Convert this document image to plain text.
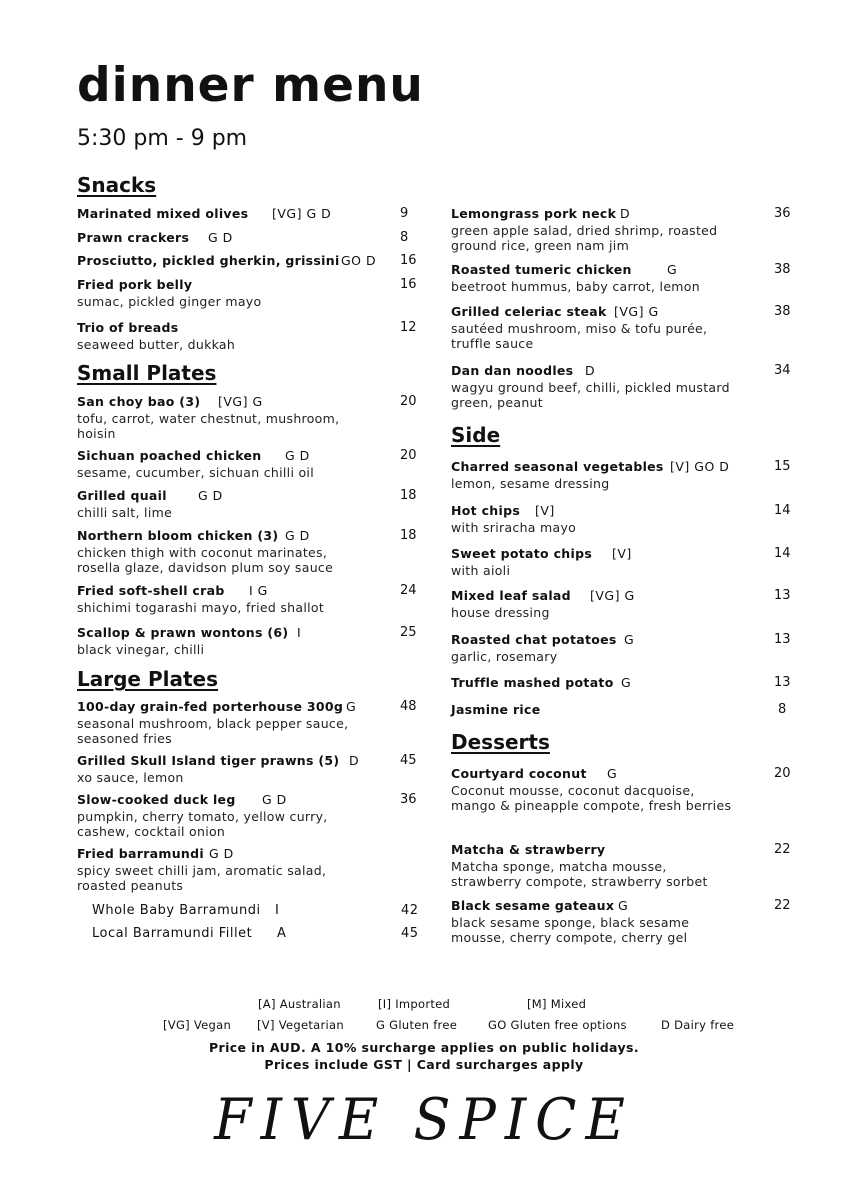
dinner menu
5:30 pm - 9 pm
Snacks
Small Plates
Large Plates
Side
Desserts
Marinated mixed olives	[VG] G D	9
Prawn crackers	G D	8
Prosciutto, pickled gherkin, grissini GO D 16
Fried pork belly	16
sumac, pickled ginger mayo
Trio of breads	12
seaweed butter, dukkah
San choy bao (3)	[VG] G	20
tofu, carrot, water chestnut, mushroom, hoisin
Sichuan poached chicken	G D	20
sesame, cucumber, sichuan chilli oil
Grilled quail	G D	18
chilli salt, lime
Northern bloom chicken (3) G D	18
chicken thigh with coconut marinates, rosella glaze, davidson plum soy sauce
Fried soft-shell crab	I G	24
shichimi togarashi mayo, fried shallot
Scallop & prawn wontons (6) I	25
black vinegar, chilli
100-day grain-fed porterhouse 300g G	48
seasonal mushroom, black pepper sauce, seasoned fries
Grilled Skull Island tiger prawns (5) D	45
xo sauce, lemon
Slow-cooked duck leg	G D	36
pumpkin, cherry tomato, yellow curry, cashew, cocktail onion
Fried barramundi G D
spicy sweet chilli jam, aromatic salad, roasted peanuts
Whole Baby Barramundi I	42
Local Barramundi Fillet A	45
Lemongrass pork neck D	36
green apple salad, dried shrimp, roasted ground rice, green nam jim
Roasted tumeric chicken	G	38
beetroot hummus, baby carrot, lemon
Grilled celeriac steak [VG] G	38
sautéed mushroom, miso & tofu purée, truffle sauce
Dan dan noodles D	34
wagyu ground beef, chilli, pickled mustard green, peanut
Charred seasonal vegetables [V] GO D	15
lemon, sesame dressing
Hot chips	[V]	14
with sriracha mayo
Sweet potato chips	[V]	14
with aioli
Mixed leaf salad	[VG] G	13
house dressing
Roasted chat potatoes G	13
garlic, rosemary
Truffle mashed potato G	13
Jasmine rice	8
Courtyard coconut	G	20
Coconut mousse, coconut dacquoise, mango & pineapple compote, fresh berries
Matcha & strawberry	22
Matcha sponge, matcha mousse, strawberry compote, strawberry sorbet
Black sesame gateaux G	22
black sesame sponge, black sesame mousse, cherry compote, cherry gel
[A] Australian	[I] Imported	[M] Mixed
[VG] Vegan [V] Vegetarian	G Gluten free	GO Gluten free options	D Dairy free
Price in AUD. A 10% surcharge applies on public holidays.
Prices include GST | Card surcharges apply
FIVE SPICE
